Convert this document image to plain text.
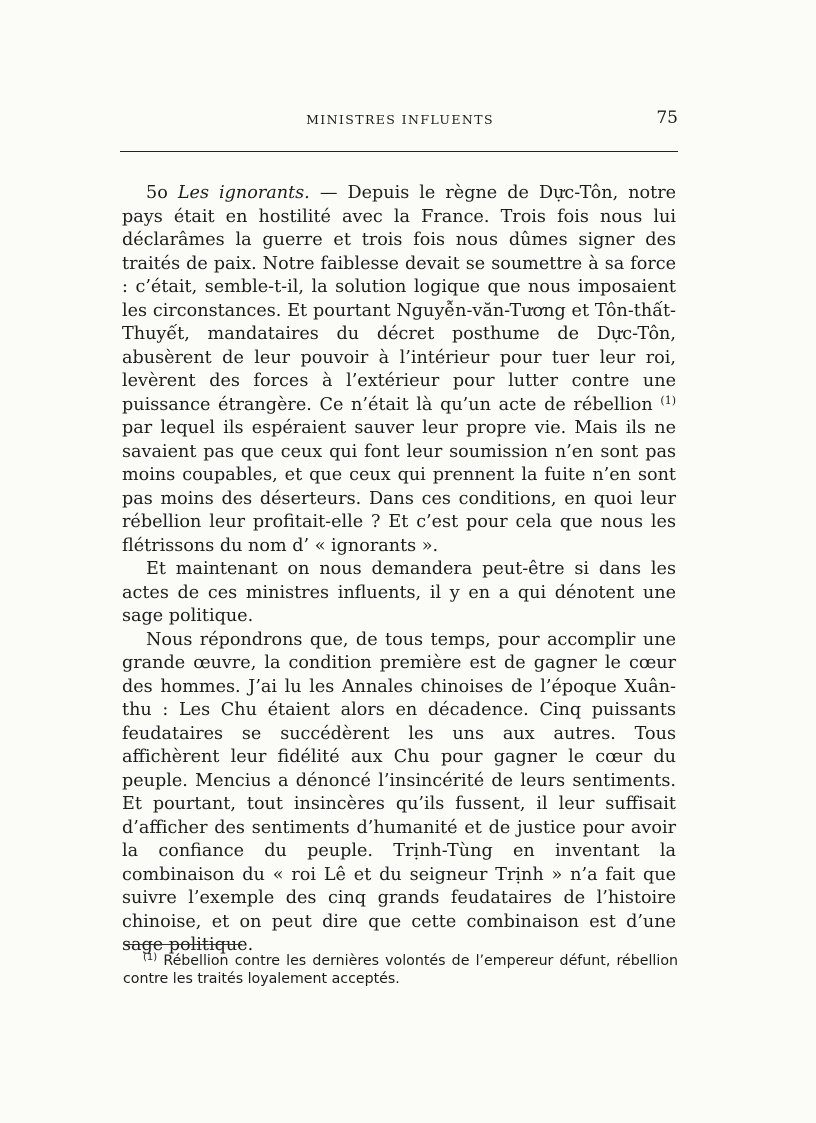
MINISTRES INFLUENTS	75

5o Les ignorants. — Depuis le règne de Dực-Tôn, notre pays était en hostilité avec la France. Trois fois nous lui déclarâmes la guerre et trois fois nous dûmes signer des traités de paix. Notre faiblesse devait se soumettre à sa force : c’était, semble-t-il, la solution logique que nous imposaient les circonstances. Et pourtant Nguyễn-văn-Tương et Tôn-thất-Thuyết, mandataires du décret posthume de Dực-Tôn, abusèrent de leur pouvoir à l’intérieur pour tuer leur roi, levèrent des forces à l’extérieur pour lutter contre une puissance étrangère. Ce n’était là qu’un acte de rébellion $^{(1)}$ par lequel ils espéraient sauver leur propre vie. Mais ils ne savaient pas que ceux qui font leur soumission n’en sont pas moins coupables, et que ceux qui prennent la fuite n’en sont pas moins des déserteurs. Dans ces conditions, en quoi leur rébellion leur profitait-elle ? Et c’est pour cela que nous les flétrissons du nom d’ « ignorants ».

Et maintenant on nous demandera peut-être si dans les actes de ces ministres influents, il y en a qui dénotent une sage politique.

Nous répondrons que, de tous temps, pour accomplir une grande œuvre, la condition première est de gagner le cœur des hommes. J’ai lu les Annales chinoises de l’époque Xuân-thu : Les Chu étaient alors en décadence. Cinq puissants feudataires se succédèrent les uns aux autres. Tous affichèrent leur fidélité aux Chu pour gagner le cœur du peuple. Mencius a dénoncé l’insincérité de leurs sentiments. Et pourtant, tout insincères qu’ils fussent, il leur suffisait d’afficher des sentiments d’humanité et de justice pour avoir la confiance du peuple. Trịnh-Tùng en inventant la combinaison du « roi Lê et du seigneur Trịnh » n’a fait que suivre l’exemple des cinq grands feudataires de l’histoire chinoise, et on peut dire que cette combinaison est d’une sage politique.

$^{(1)}$ Rébellion contre les dernières volontés de l’empereur défunt, rébellion contre les traités loyalement acceptés.
